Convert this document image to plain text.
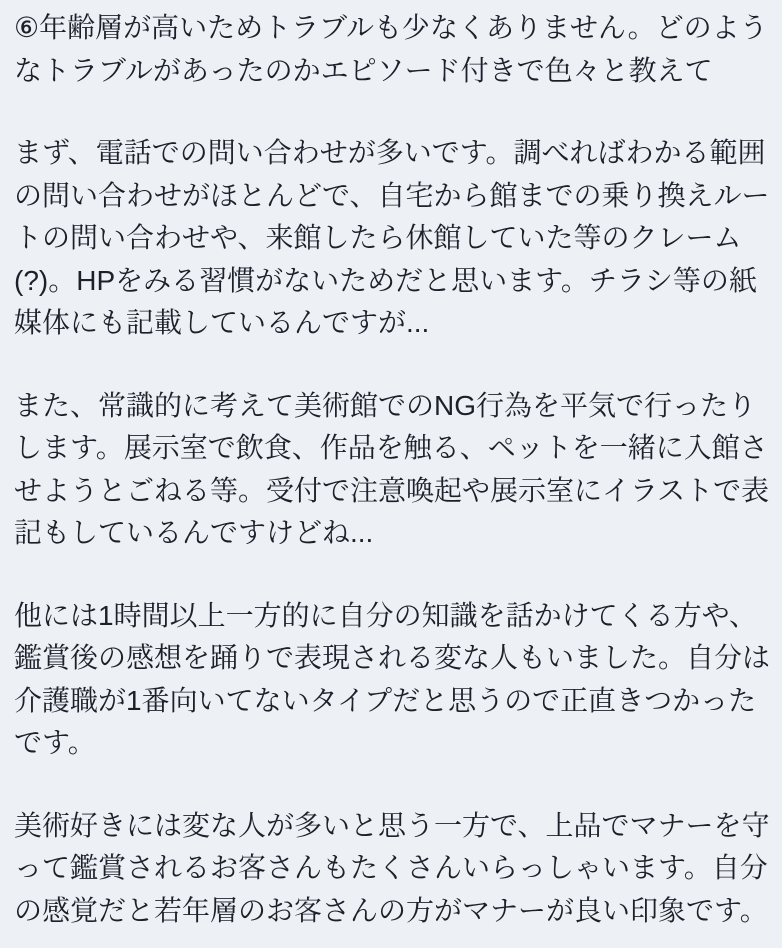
⑥年齢層が高いためトラブルも少なくありません。どのよう
なトラブルがあったのかエピソード付きで色々と教えて

まず、電話での問い合わせが多いです。調べればわかる範囲
の問い合わせがほとんどで、自宅から館までの乗り換えルー
トの問い合わせや、来館したら休館していた等のクレーム
(?)。HPをみる習慣がないためだと思います。チラシ等の紙
媒体にも記載しているんですが...

また、常識的に考えて美術館でのNG行為を平気で行ったり
します。展示室で飲食、作品を触る、ペットを一緒に入館さ
せようとごねる等。受付で注意喚起や展示室にイラストで表
記もしているんですけどね...

他には1時間以上一方的に自分の知識を話かけてくる方や、
鑑賞後の感想を踊りで表現される変な人もいました。自分は
介護職が1番向いてないタイプだと思うので正直きつかった
です。

美術好きには変な人が多いと思う一方で、上品でマナーを守
って鑑賞されるお客さんもたくさんいらっしゃいます。自分
の感覚だと若年層のお客さんの方がマナーが良い印象です。
